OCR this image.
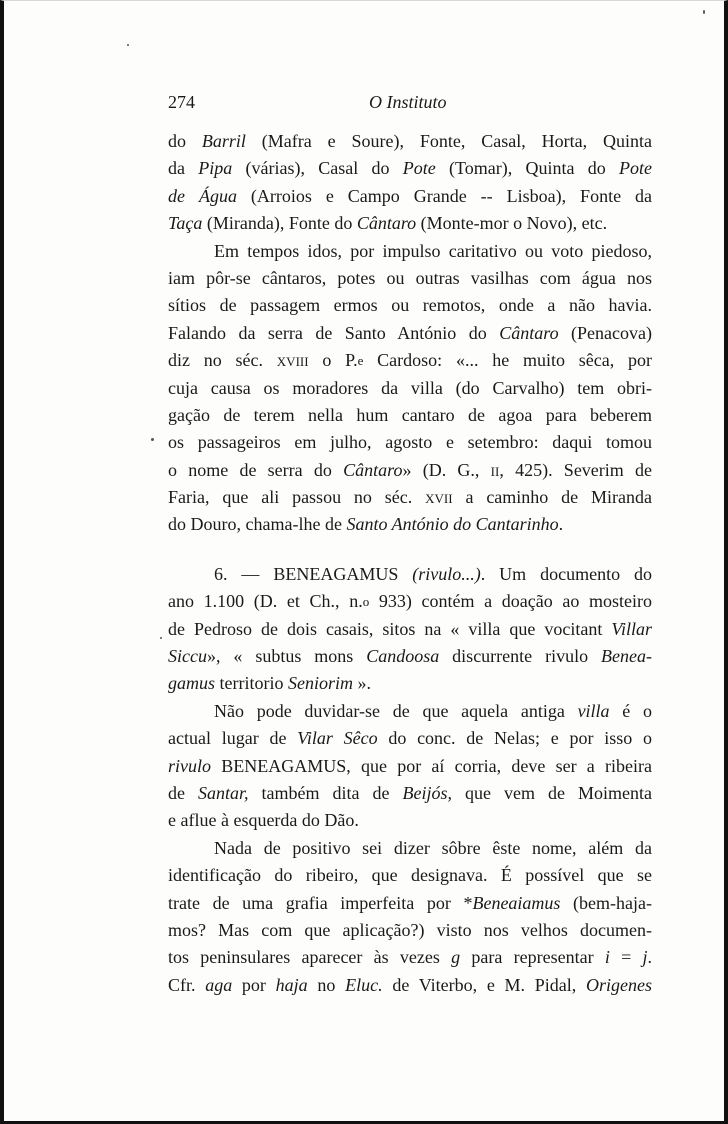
274	O Instituto
do Barril (Mafra e Soure), Fonte, Casal, Horta, Quinta
da Pipa (várias), Casal do Pote (Tomar), Quinta do Pote
de Água (Arroios e Campo Grande -- Lisboa), Fonte da
Taça (Miranda), Fonte do Cântaro (Monte-mor o Novo), etc.
Em tempos idos, por impulso caritativo ou voto piedoso,
iam pôr-se cântaros, potes ou outras vasilhas com água nos
sítios de passagem ermos ou remotos, onde a não havia.
Falando da serra de Santo António do Cântaro (Penacova)
diz no séc. xviii o P.$^e$ Cardoso: «... he muito sêca, por
cuja causa os moradores da villa (do Carvalho) tem obri-
gação de terem nella hum cantaro de agoa para beberem
os passageiros em julho, agosto e setembro: daqui tomou
o nome de serra do Cântaro» (D. G., ii, 425). Severim de
Faria, que ali passou no séc. xvii a caminho de Miranda
do Douro, chama-lhe de Santo António do Cantarinho.
6. — BENEAGAMUS (rivulo...). Um documento do
ano 1.100 (D. et Ch., n.$^o$ 933) contém a doação ao mosteiro
de Pedroso de dois casais, sitos na « villa que vocitant Villar
Siccu», « subtus mons Candoosa discurrente rivulo Benea-
gamus territorio Seniorim ».
Não pode duvidar-se de que aquela antiga villa é o
actual lugar de Vilar Sêco do conc. de Nelas; e por isso o
rivulo BENEAGAMUS, que por aí corria, deve ser a ribeira
de Santar, também dita de Beijós, que vem de Moimenta
e aflue à esquerda do Dão.
Nada de positivo sei dizer sôbre êste nome, além da
identificação do ribeiro, que designava. É possível que se
trate de uma grafia imperfeita por *Beneaiamus (bem-haja-
mos? Mas com que aplicação?) visto nos velhos documen-
tos peninsulares aparecer às vezes g para representar i = j.
Cfr. aga por haja no Eluc. de Viterbo, e M. Pidal, Origenes
